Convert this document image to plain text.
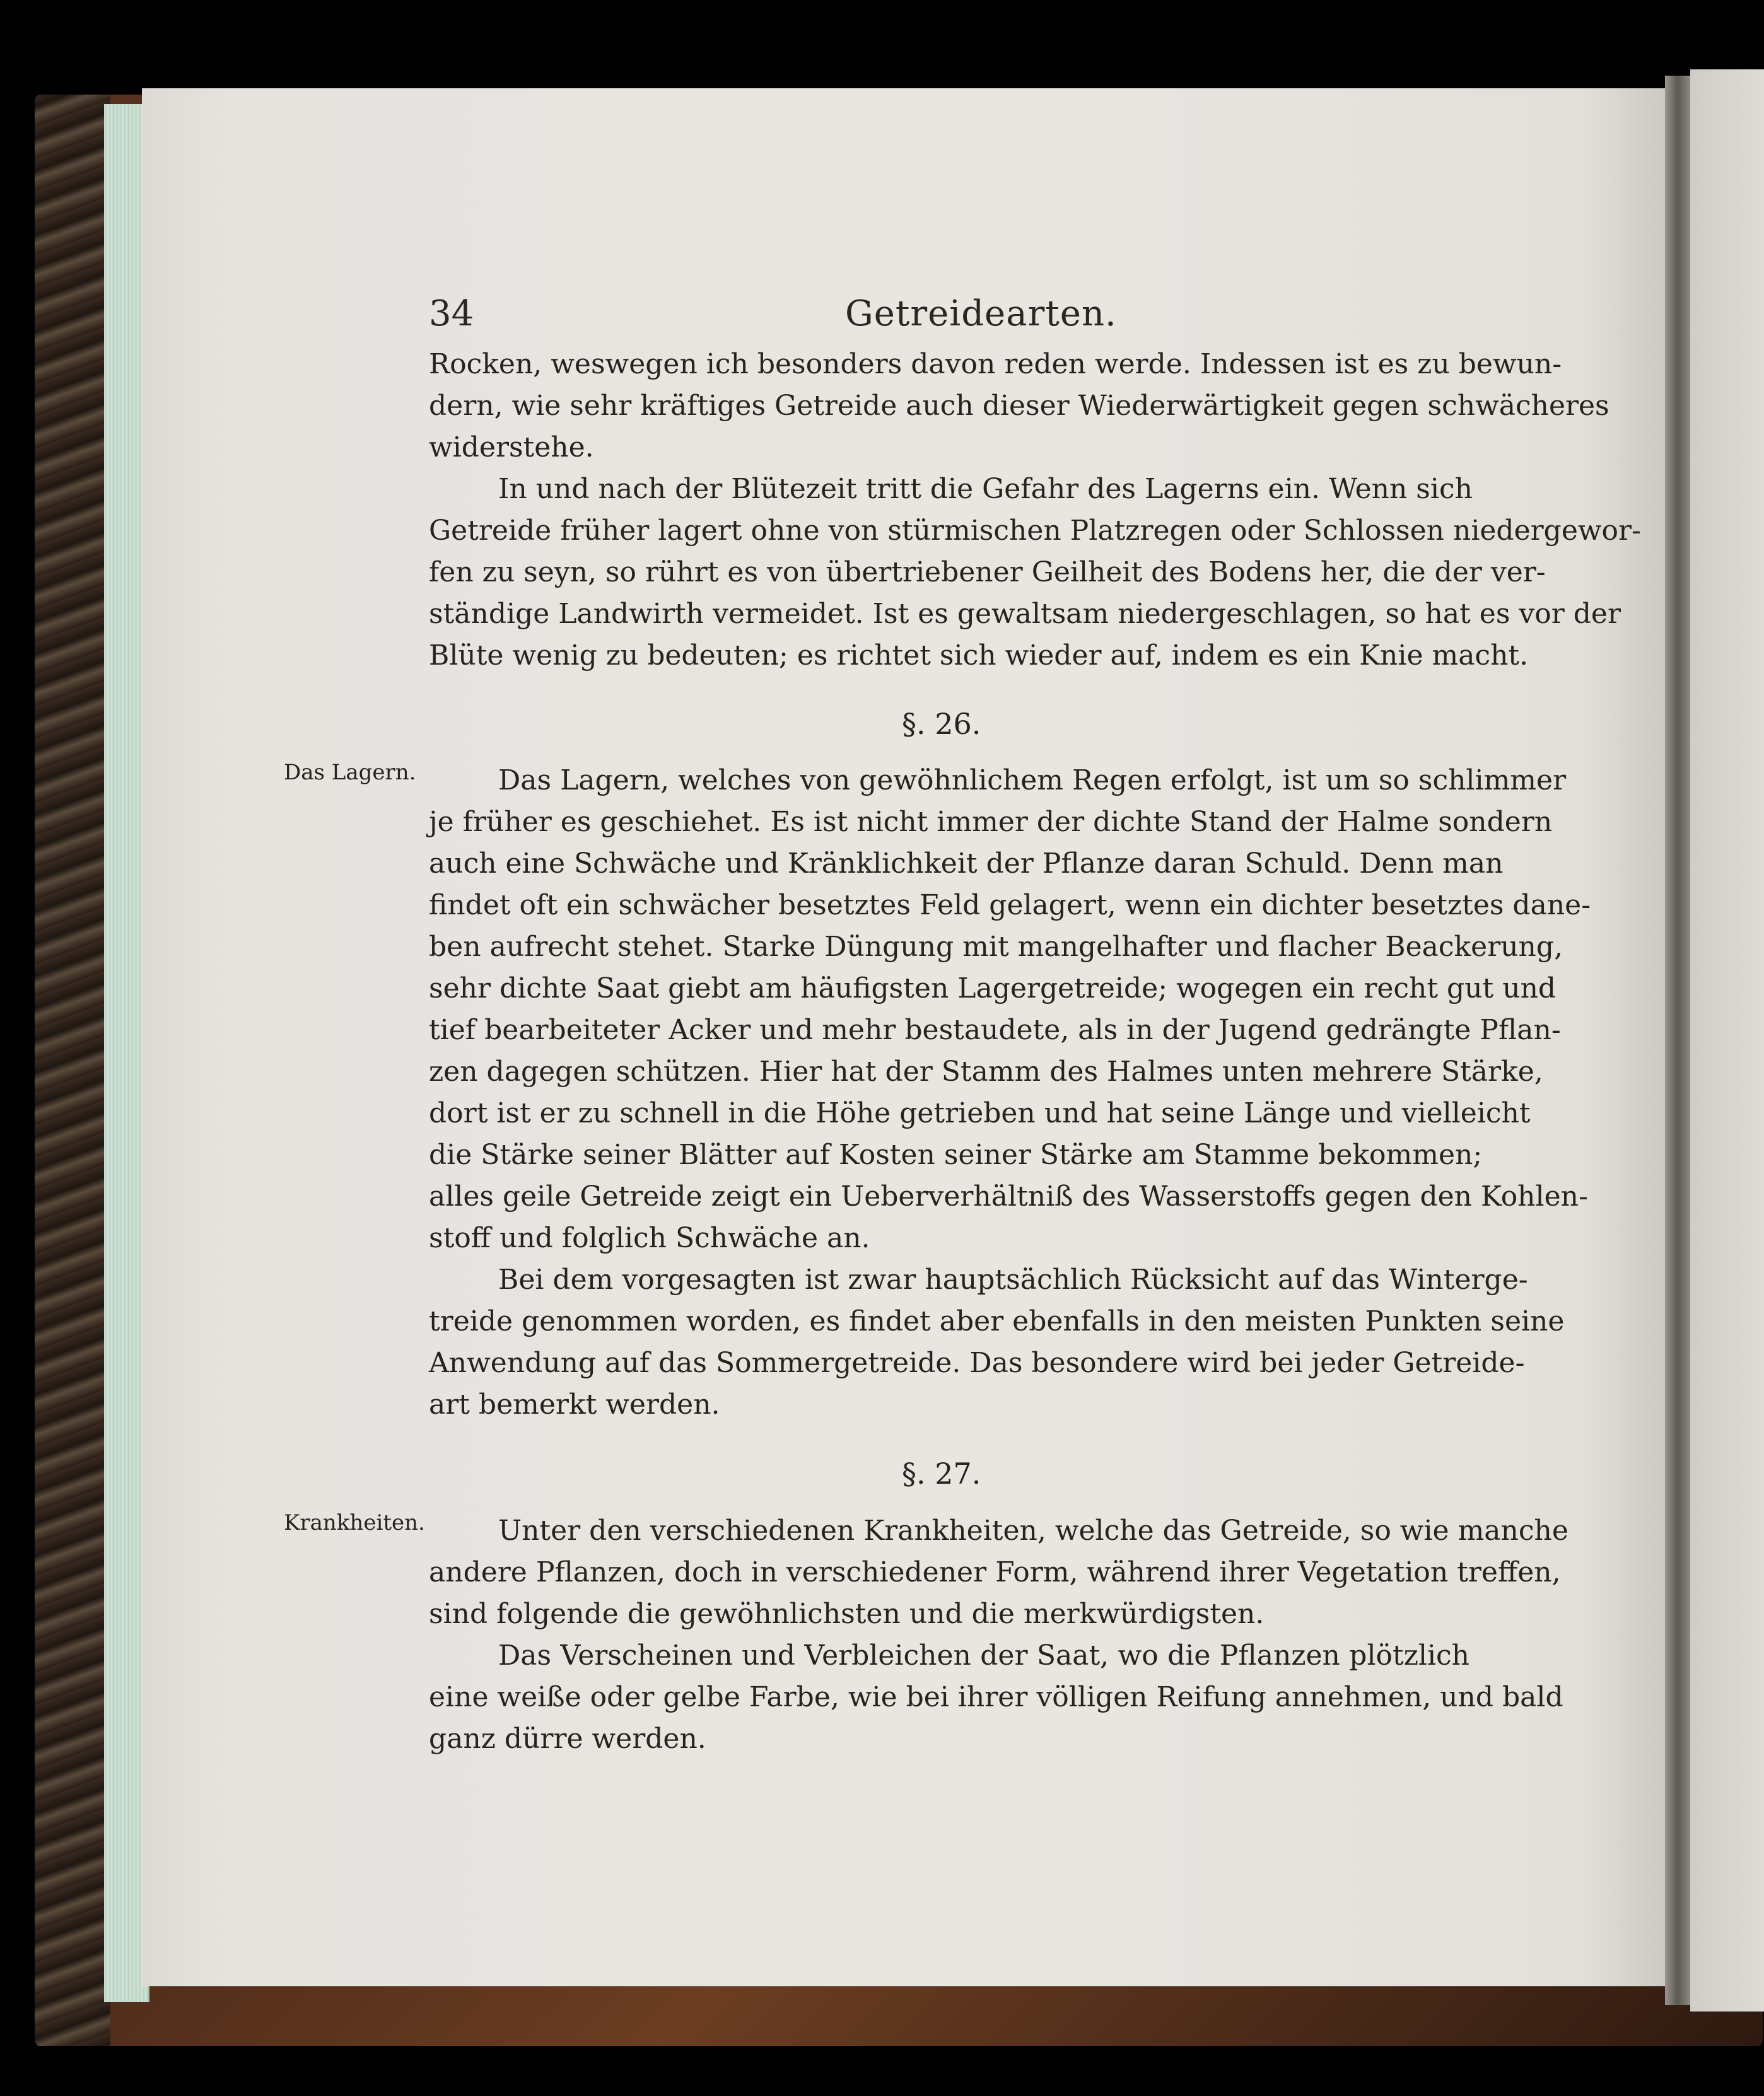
34	Getreidearten.
Rocken, weswegen ich besonders davon reden werde. Indessen ist es zu bewun-
dern, wie sehr kräftiges Getreide auch dieser Wiederwärtigkeit gegen schwächeres
widerstehe.
In und nach der Blütezeit tritt die Gefahr des Lagerns ein. Wenn sich
Getreide früher lagert ohne von stürmischen Platzregen oder Schlossen niedergewor-
fen zu seyn, so rührt es von übertriebener Geilheit des Bodens her, die der ver-
ständige Landwirth vermeidet. Ist es gewaltsam niedergeschlagen, so hat es vor der
Blüte wenig zu bedeuten; es richtet sich wieder auf, indem es ein Knie macht.
§. 26.
Das Lagern, welches von gewöhnlichem Regen erfolgt, ist um so schlimmer
je früher es geschiehet. Es ist nicht immer der dichte Stand der Halme sondern
auch eine Schwäche und Kränklichkeit der Pflanze daran Schuld. Denn man
findet oft ein schwächer besetztes Feld gelagert, wenn ein dichter besetztes dane-
ben aufrecht stehet. Starke Düngung mit mangelhafter und flacher Beackerung,
sehr dichte Saat giebt am häufigsten Lagergetreide; wogegen ein recht gut und
tief bearbeiteter Acker und mehr bestaudete, als in der Jugend gedrängte Pflan-
zen dagegen schützen. Hier hat der Stamm des Halmes unten mehrere Stärke,
dort ist er zu schnell in die Höhe getrieben und hat seine Länge und vielleicht
die Stärke seiner Blätter auf Kosten seiner Stärke am Stamme bekommen;
alles geile Getreide zeigt ein Ueberverhältniß des Wasserstoffs gegen den Kohlen-
stoff und folglich Schwäche an.
Bei dem vorgesagten ist zwar hauptsächlich Rücksicht auf das Winterge-
treide genommen worden, es findet aber ebenfalls in den meisten Punkten seine
Anwendung auf das Sommergetreide. Das besondere wird bei jeder Getreide-
art bemerkt werden.
§. 27.
Unter den verschiedenen Krankheiten, welche das Getreide, so wie manche
andere Pflanzen, doch in verschiedener Form, während ihrer Vegetation treffen,
sind folgende die gewöhnlichsten und die merkwürdigsten.
Das Verscheinen und Verbleichen der Saat, wo die Pflanzen plötzlich
eine weiße oder gelbe Farbe, wie bei ihrer völligen Reifung annehmen, und bald
ganz dürre werden.
Das Lagern.
Krankheiten.
